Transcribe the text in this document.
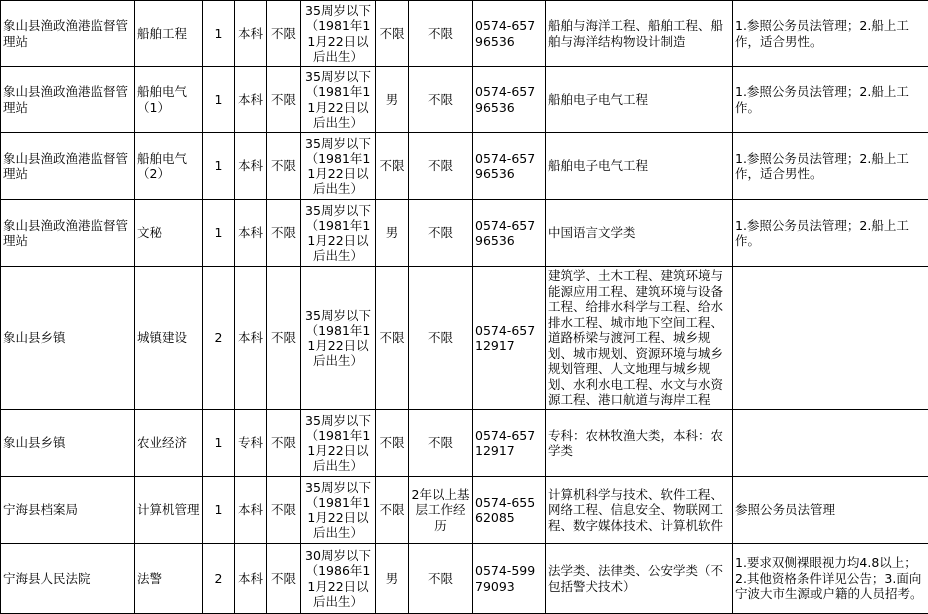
象山县渔政渔港监督管理站	船舶工程	1	本科	不限	35周岁以下（1981年11月22日以后出生）	不限	不限	0574-65796536	船舶与海洋工程、船舶工程、船舶与海洋结构物设计制造	1.参照公务员法管理；2.船上工作，适合男性。
象山县渔政渔港监督管理站	船舶电气（1）	1	本科	不限	35周岁以下（1981年11月22日以后出生）	男	不限	0574-65796536	船舶电子电气工程	1.参照公务员法管理；2.船上工作。
象山县渔政渔港监督管理站	船舶电气（2）	1	本科	不限	35周岁以下（1981年11月22日以后出生）	不限	不限	0574-65796536	船舶电子电气工程	1.参照公务员法管理；2.船上工作，适合男性。
象山县渔政渔港监督管理站	文秘	1	本科	不限	35周岁以下（1981年11月22日以后出生）	男	不限	0574-65796536	中国语言文学类	1.参照公务员法管理；2.船上工作。
象山县乡镇	城镇建设	2	本科	不限	35周岁以下（1981年11月22日以后出生）	不限	不限	0574-65712917	建筑学、土木工程、建筑环境与能源应用工程、建筑环境与设备工程、给排水科学与工程、给水排水工程、城市地下空间工程、道路桥梁与渡河工程、城乡规划、城市规划、资源环境与城乡规划管理、人文地理与城乡规划、水利水电工程、水文与水资源工程、港口航道与海岸工程	
象山县乡镇	农业经济	1	专科	不限	35周岁以下（1981年11月22日以后出生）	不限	不限	0574-65712917	专科：农林牧渔大类，本科：农学类	
宁海县档案局	计算机管理	1	本科	不限	35周岁以下（1981年11月22日以后出生）	不限	2年以上基层工作经历	0574-65562085	计算机科学与技术、软件工程、网络工程、信息安全、物联网工程、数字媒体技术、计算机软件	参照公务员法管理
宁海县人民法院	法警	2	本科	不限	30周岁以下（1986年11月22日以后出生）	男	不限	0574-59979093	法学类、法律类、公安学类（不包括警犬技术）	1.要求双侧裸眼视力均4.8以上；2.其他资格条件详见公告；3.面向宁波大市生源或户籍的人员招考。
